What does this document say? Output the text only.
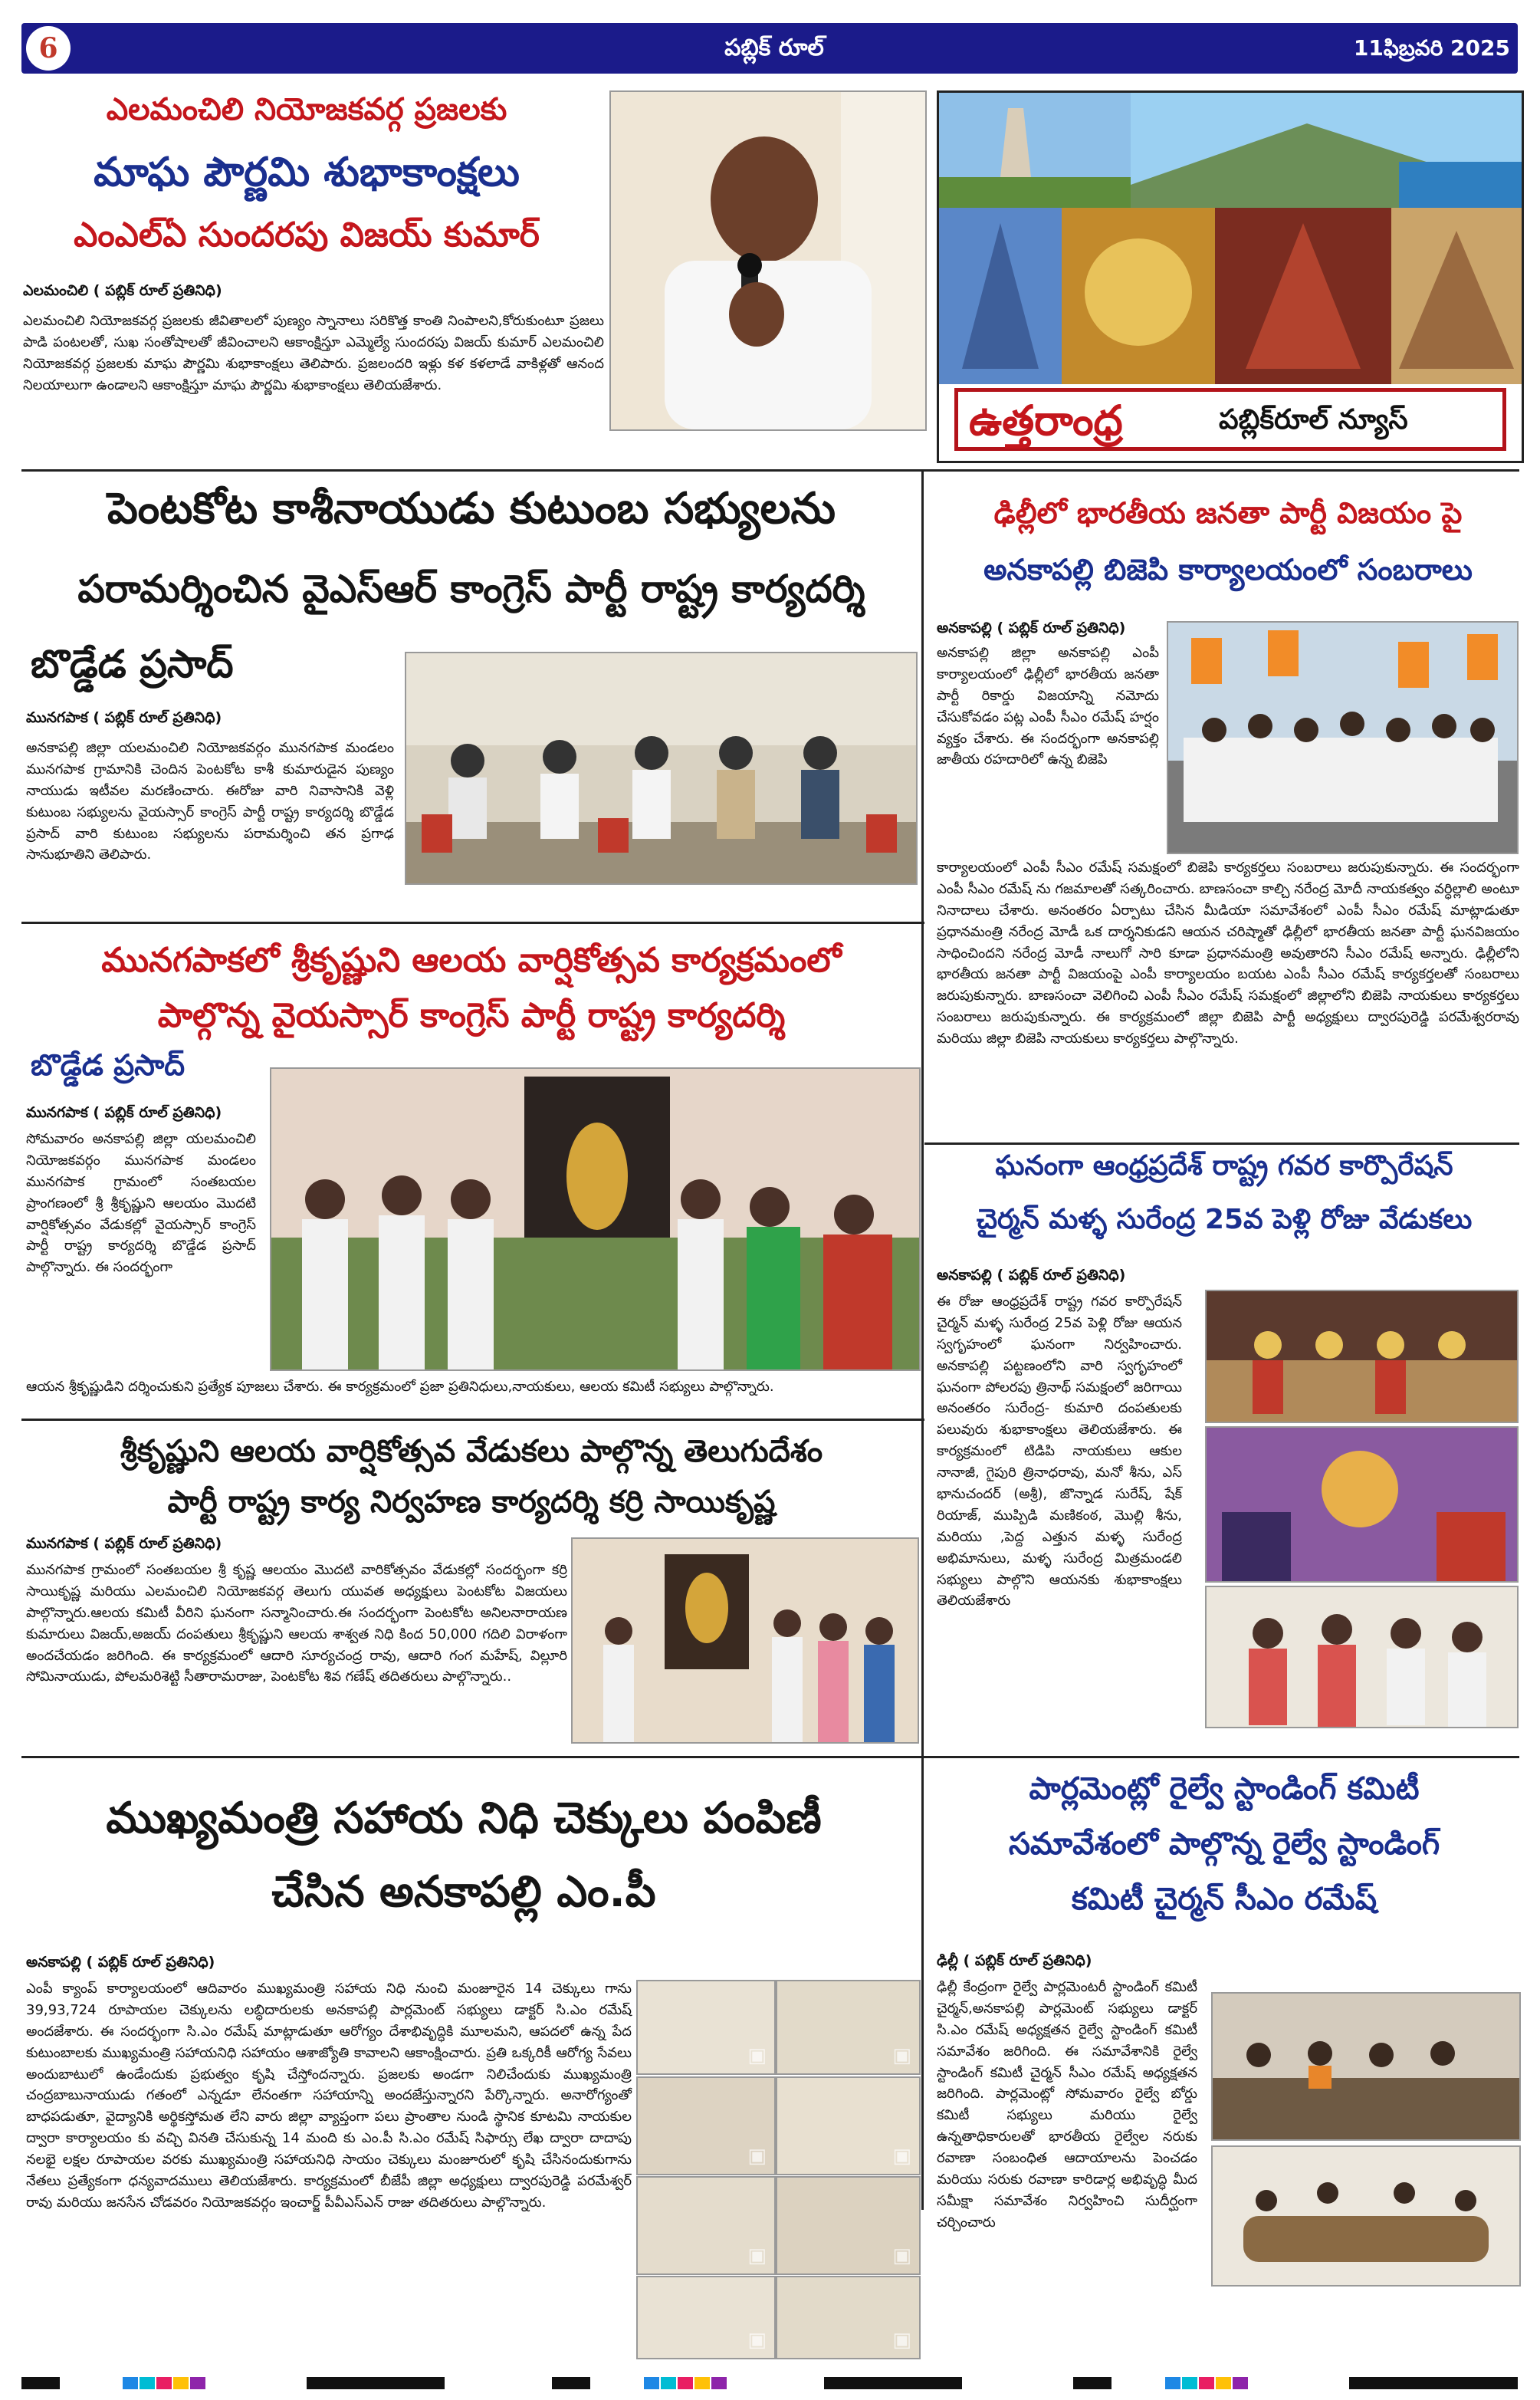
6	పబ్లిక్ రూల్	11ఫిబ్రవరి 2025
ఎలమంచిలి నియోజకవర్గ ప్రజలకు
మాఘ పౌర్ణమి శుభాకాంక్షలు
ఎంఎల్ఏ సుందరపు విజయ్ కుమార్
ఎలమంచిలి ( పబ్లిక్ రూల్ ప్రతినిధి)
ఎలమంచిలి నియోజకవర్గ ప్రజలకు జీవితాలలో పుణ్యం స్నానాలు సరికొత్త కాంతి నింపాలని,కోరుకుంటూ ప్రజలు పాడి పంటలతో, సుఖ సంతోషాలతో జీవించాలని ఆకాంక్షిస్తూ ఎమ్మెల్యే సుందరపు విజయ్ కుమార్ ఎలమంచిలి నియోజకవర్గ ప్రజలకు మాఘ పౌర్ణమి శుభాకాంక్షలు తెలిపారు. ప్రజలందరి ఇళ్లు కళ కళలాడే వాకిళ్లతో ఆనంద నిలయాలుగా ఉండాలని ఆకాంక్షిస్తూ మాఘ పౌర్ణమి శుభాకాంక్షలు తెలియజేశారు.
ఉత్తరాంధ్ర	పబ్లిక్‌రూల్ న్యూస్
పెంటకోట కాశీనాయుడు కుటుంబ సభ్యులను
పరామర్శించిన వైఎస్ఆర్ కాంగ్రెస్ పార్టీ రాష్ట్ర కార్యదర్శి
బొడ్డేడ ప్రసాద్
మునగపాక ( పబ్లిక్ రూల్ ప్రతినిధి)
అనకాపల్లి జిల్లా యలమంచిలి నియోజకవర్గం మునగపాక మండలం మునగపాక గ్రామానికి చెందిన పెంటకోట కాశీ కుమారుడైన పుణ్యం నాయుడు ఇటీవల మరణించారు. ఈరోజు వారి నివాసానికి వెళ్లి కుటుంబ సభ్యులను వైయస్సార్ కాంగ్రెస్ పార్టీ రాష్ట్ర కార్యదర్శి బొడ్డేడ ప్రసాద్ వారి కుటుంబ సభ్యులను పరామర్శించి తన ప్రగాఢ సానుభూతిని తెలిపారు.
ఢిల్లీలో భారతీయ జనతా పార్టీ విజయం పై
అనకాపల్లి బిజెపి కార్యాలయంలో సంబరాలు
అనకాపల్లి ( పబ్లిక్ రూల్ ప్రతినిధి)
అనకాపల్లి జిల్లా అనకాపల్లి ఎంపీ కార్యాలయంలో ఢిల్లీలో భారతీయ జనతా పార్టీ రికార్డు విజయాన్ని నమోదు చేసుకోవడం పట్ల ఎంపీ సీఎం రమేష్ హర్షం వ్యక్తం చేశారు. ఈ సందర్భంగా అనకాపల్లి జాతీయ రహదారిలో ఉన్న బిజెపి
కార్యాలయంలో ఎంపీ సీఎం రమేష్ సమక్షంలో బిజెపి కార్యకర్తలు సంబరాలు జరుపుకున్నారు. ఈ సందర్భంగా ఎంపీ సీఎం రమేష్ ను గజమాలతో సత్కరించారు. బాణసంచా కాల్చి నరేంద్ర మోదీ నాయకత్వం వర్ధిల్లాలి అంటూ నినాదాలు చేశారు. అనంతరం ఏర్పాటు చేసిన మీడియా సమావేశంలో ఎంపీ సీఎం రమేష్ మాట్లాడుతూ ప్రధానమంత్రి నరేంద్ర మోడీ ఒక దార్శనికుడని ఆయన చరిష్మాతో ఢిల్లీలో భారతీయ జనతా పార్టీ ఘనవిజయం సాధించిందని నరేంద్ర మోడీ నాలుగో సారి కూడా ప్రధానమంత్రి అవుతారని సీఎం రమేష్ అన్నారు. ఢిల్లీలోని భారతీయ జనతా పార్టీ విజయంపై ఎంపీ కార్యాలయం బయట ఎంపీ సీఎం రమేష్ కార్యకర్తలతో సంబరాలు జరుపుకున్నారు. బాణసంచా వెలిగించి ఎంపీ సీఎం రమేష్ సమక్షంలో జిల్లాలోని బిజెపి నాయకులు కార్యకర్తలు సంబరాలు జరుపుకున్నారు. ఈ కార్యక్రమంలో జిల్లా బిజెపి పార్టీ అధ్యక్షులు ద్వారపురెడ్డి పరమేశ్వరరావు మరియు జిల్లా బిజెపి నాయకులు కార్యకర్తలు పాల్గొన్నారు.
మునగపాకలో శ్రీకృష్ణుని ఆలయ వార్షికోత్సవ కార్యక్రమంలో
పాల్గొన్న వైయస్సార్ కాంగ్రెస్ పార్టీ రాష్ట్ర కార్యదర్శి
బొడ్డేడ ప్రసాద్
మునగపాక ( పబ్లిక్ రూల్ ప్రతినిధి)
సోమవారం అనకాపల్లి జిల్లా యలమంచిలి నియోజకవర్గం మునగపాక మండలం మునగపాక గ్రామంలో సంతబయల ప్రాంగణంలో శ్రీ శ్రీకృష్ణుని ఆలయం మొదటి వార్షికోత్సవం వేడుకల్లో వైయస్సార్ కాంగ్రెస్ పార్టీ రాష్ట్ర కార్యదర్శి బొడ్డేడ ప్రసాద్ పాల్గొన్నారు. ఈ సందర్భంగా
ఆయన శ్రీకృష్ణుడిని దర్శించుకుని ప్రత్యేక పూజలు చేశారు. ఈ కార్యక్రమంలో ప్రజా ప్రతినిధులు,నాయకులు, ఆలయ కమిటీ సభ్యులు పాల్గొన్నారు.
ఘనంగా ఆంధ్రప్రదేశ్ రాష్ట్ర గవర కార్పొరేషన్
చైర్మన్ మళ్ళ సురేంద్ర 25వ పెళ్లి రోజు వేడుకలు
అనకాపల్లి ( పబ్లిక్ రూల్ ప్రతినిధి)
ఈ రోజు ఆంధ్రప్రదేశ్ రాష్ట్ర గవర కార్పొరేషన్ చైర్మన్ మళ్ళ సురేంద్ర 25వ పెళ్లి రోజు ఆయన స్వగృహంలో ఘనంగా నిర్వహించారు. అనకాపల్లి పట్టణంలోని వారి స్వగృహంలో ఘనంగా పోలరపు త్రినాథ్ సమక్షంలో జరిగాయి అనంతరం సురేంద్ర- కుమారి దంపతులకు పలువురు శుభాకాంక్షలు తెలియజేశారు. ఈ కార్యక్రమంలో టిడిపి నాయకులు ఆకుల నానాజీ, గైపురి త్రినాధరావు, మనో శీను, ఎస్ భానుచందర్ (అశ్రీ), జొన్నాడ సురేష్, షేక్ రియాజ్, ముప్పిడి మణికంఠ, మొల్లి శీను, మరియు ,పెద్ద ఎత్తున మళ్ళ సురేంద్ర అభిమానులు, మళ్ళ సురేంద్ర మిత్రమండలి సభ్యులు పాల్గొని ఆయనకు శుభాకాంక్షలు తెలియజేశారు
శ్రీకృష్ణుని ఆలయ వార్షికోత్సవ వేడుకలు పాల్గొన్న తెలుగుదేశం
పార్టీ రాష్ట్ర కార్య నిర్వహణ కార్యదర్శి కర్రి సాయికృష్ణ
మునగపాక ( పబ్లిక్ రూల్ ప్రతినిధి)
మునగపాక గ్రామంలో సంతబయల శ్రీ కృష్ణ ఆలయం మొదటి వారికోత్సవం వేడుకల్లో సందర్భంగా కర్రి సాయికృష్ణ మరియు ఎలమంచిలి నియోజకవర్గ తెలుగు యువత అధ్యక్షులు పెంటకోట విజయలు పాల్గొన్నారు.ఆలయ కమిటీ వీరిని ఘనంగా సన్మానించారు.ఈ సందర్భంగా పెంటకోట అనిలనారాయణ కుమారులు విజయ్,అజయ్ దంపతులు శ్రీకృష్ణుని ఆలయ శాశ్వత నిధి కింద 50,000 గదిలి విరాళంగా అందచేయడం జరిగింది. ఈ కార్యక్రమంలో ఆదారి సూర్యచంద్ర రావు, ఆదారి గంగ మహేష్, విల్లూరి సోమినాయుడు, పోలమరిశెట్టి సీతారామరాజు, పెంటకోట శివ గణేష్ తదితరులు పాల్గొన్నారు..
పార్లమెంట్లో రైల్వే స్టాండింగ్ కమిటీ
సమావేశంలో పాల్గొన్న రైల్వే స్టాండింగ్
కమిటీ చైర్మన్ సీఎం రమేష్
ఢిల్లీ ( పబ్లిక్ రూల్ ప్రతినిధి)
ఢిల్లీ కేంద్రంగా రైల్వే పార్లమెంటరీ స్టాండింగ్ కమిటీ చైర్మన్,అనకాపల్లి పార్లమెంట్ సభ్యులు డాక్టర్ సి.ఎం రమేష్ అధ్యక్షతన రైల్వే స్టాండింగ్ కమిటీ సమావేశం జరిగింది. ఈ సమావేశానికి రైల్వే స్టాండింగ్ కమిటీ చైర్మన్ సీఎం రమేష్ అధ్యక్షతన జరిగింది. పార్లమెంట్లో సోమవారం రైల్వే బోర్డు కమిటీ సభ్యులు మరియు రైల్వే ఉన్నతాధికారులతో భారతీయ రైల్వేల నరుకు రవాణా సంబంధిత ఆదాయాలను పెంచడం మరియు సరుకు రవాణా కారిడార్ల అభివృద్ధి మీద సమీక్షా సమావేశం నిర్వహించి సుదీర్ఘంగా చర్చించారు
ముఖ్యమంత్రి సహాయ నిధి చెక్కులు పంపిణీ
చేసిన అనకాపల్లి ఎం.పీ
అనకాపల్లి ( పబ్లిక్ రూల్ ప్రతినిధి)
ఎంపీ క్యాంప్ కార్యాలయంలో ఆదివారం ముఖ్యమంత్రి సహాయ నిధి నుంచి మంజూరైన 14 చెక్కులు గాను 39,93,724 రూపాయల చెక్కులను లబ్ధిదారులకు అనకాపల్లి పార్లమెంట్ సభ్యులు డాక్టర్ సి.ఎం రమేష్ అందజేశారు. ఈ సందర్భంగా సి.ఎం రమేష్ మాట్లాడుతూ ఆరోగ్యం దేశాభివృద్ధికి మూలమని, ఆపదలో ఉన్న పేద కుటుంబాలకు ముఖ్యమంత్రి సహాయనిధి సహాయం ఆశాజ్యోతి కావాలని ఆకాంక్షించారు. ప్రతి ఒక్కరికీ ఆరోగ్య సేవలు అందుబాటులో ఉండేందుకు ప్రభుత్వం కృషి చేస్తోందన్నారు. ప్రజలకు అండగా నిలిచేందుకు ముఖ్యమంత్రి చంద్రబాబునాయుడు గతంలో ఎన్నడూ లేనంతగా సహాయాన్ని అందజేస్తున్నారని పేర్కొన్నారు. అనారోగ్యంతో బాధపడుతూ, వైద్యానికి అర్థికస్తోమత లేని వారు జిల్లా వ్యాప్తంగా పలు ప్రాంతాల నుండి స్థానిక కూటమి నాయకుల ద్వారా కార్యాలయం కు వచ్చి వినతి చేసుకున్న 14 మంది కు ఎం.పీ సి.ఎం రమేష్ సిఫార్సు లేఖ ద్వారా దాదాపు నలభై లక్షల రూపాయల వరకు ముఖ్యమంత్రి సహాయనిధి సాయం చెక్కులు మంజూరులో కృషి చేసినందుకుగాను నేతలు ప్రత్యేకంగా ధన్యవాదములు తెలియజేశారు. కార్యక్రమంలో బీజేపీ జిల్లా అధ్యక్షులు ద్వారపురెడ్డి పరమేశ్వర్ రావు మరియు జనసేన చోడవరం నియోజకవర్గం ఇంచార్జ్ పీవీఎస్ఎన్ రాజు తదితరులు పాల్గొన్నారు.
▣	▣
▣	▣
▣	▣
▣	▣
